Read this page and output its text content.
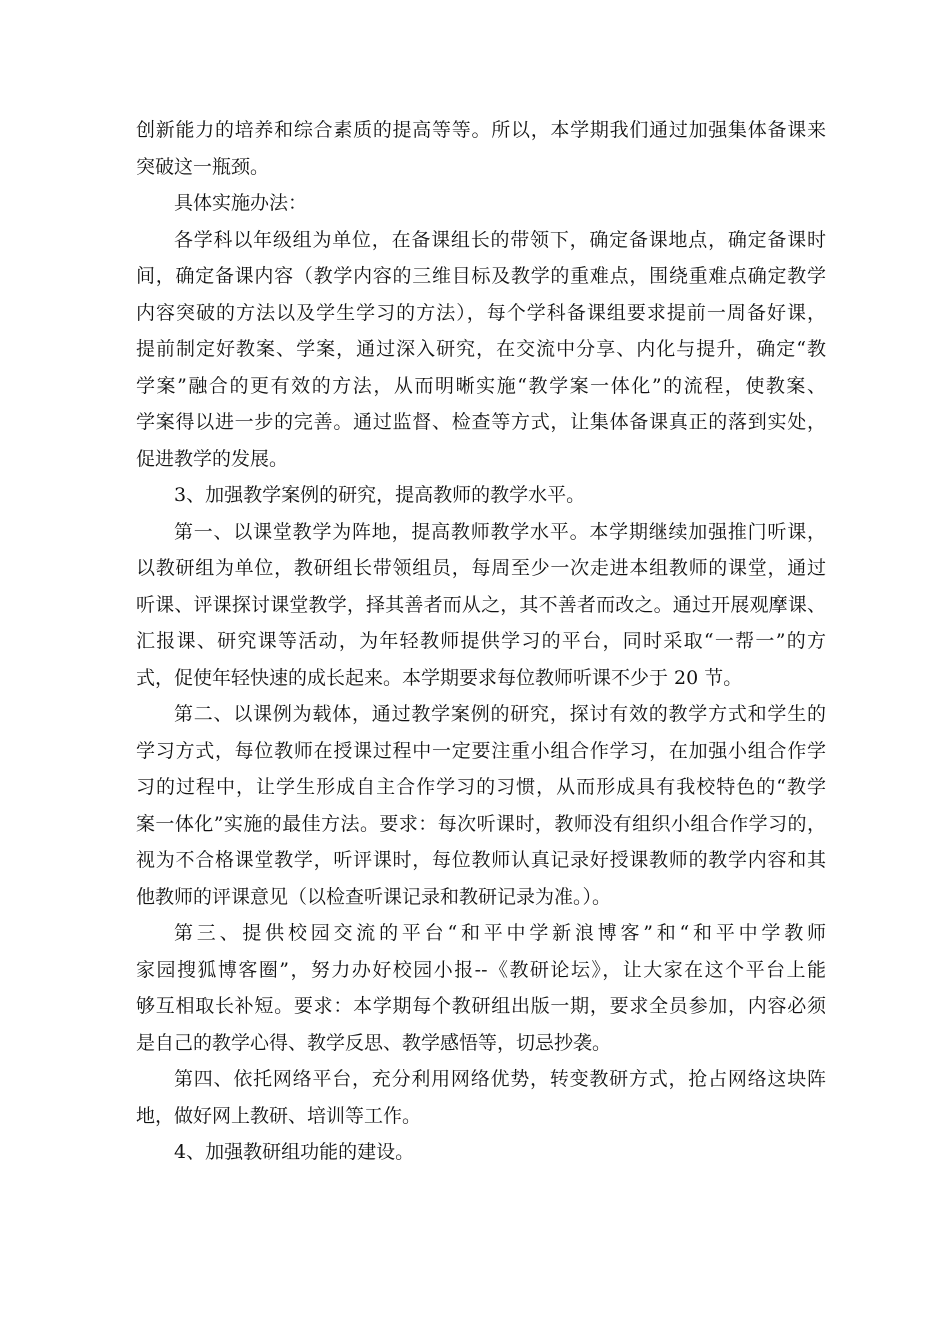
创新能力的培养和综合素质的提高等等。所以，本学期我们通过加强集体备课来
突破这一瓶颈。
具体实施办法：
各学科以年级组为单位，在备课组长的带领下，确定备课地点，确定备课时
间，确定备课内容（教学内容的三维目标及教学的重难点，围绕重难点确定教学
内容突破的方法以及学生学习的方法），每个学科备课组要求提前一周备好课，
提前制定好教案、学案，通过深入研究，在交流中分享、内化与提升，确定“教
学案”融合的更有效的方法，从而明晰实施“教学案一体化”的流程，使教案、
学案得以进一步的完善。通过监督、检查等方式，让集体备课真正的落到实处，
促进教学的发展。
3、加强教学案例的研究，提高教师的教学水平。
第一、以课堂教学为阵地，提高教师教学水平。本学期继续加强推门听课，
以教研组为单位，教研组长带领组员，每周至少一次走进本组教师的课堂，通过
听课、评课探讨课堂教学，择其善者而从之，其不善者而改之。通过开展观摩课、
汇报课、研究课等活动，为年轻教师提供学习的平台，同时采取“一帮一”的方
式，促使年轻快速的成长起来。本学期要求每位教师听课不少于 20 节。
第二、以课例为载体，通过教学案例的研究，探讨有效的教学方式和学生的
学习方式，每位教师在授课过程中一定要注重小组合作学习，在加强小组合作学
习的过程中，让学生形成自主合作学习的习惯，从而形成具有我校特色的“教学
案一体化”实施的最佳方法。要求：每次听课时，教师没有组织小组合作学习的，
视为不合格课堂教学，听评课时，每位教师认真记录好授课教师的教学内容和其
他教师的评课意见（以检查听课记录和教研记录为准。）。
第三、提供校园交流的平台“和平中学新浪博客”和“和平中学教师
家园搜狐博客圈”，努力办好校园小报--《教研论坛》，让大家在这个平台上能
够互相取长补短。要求：本学期每个教研组出版一期，要求全员参加，内容必须
是自己的教学心得、教学反思、教学感悟等，切忌抄袭。
第四、依托网络平台，充分利用网络优势，转变教研方式，抢占网络这块阵
地，做好网上教研、培训等工作。
4、加强教研组功能的建设。
